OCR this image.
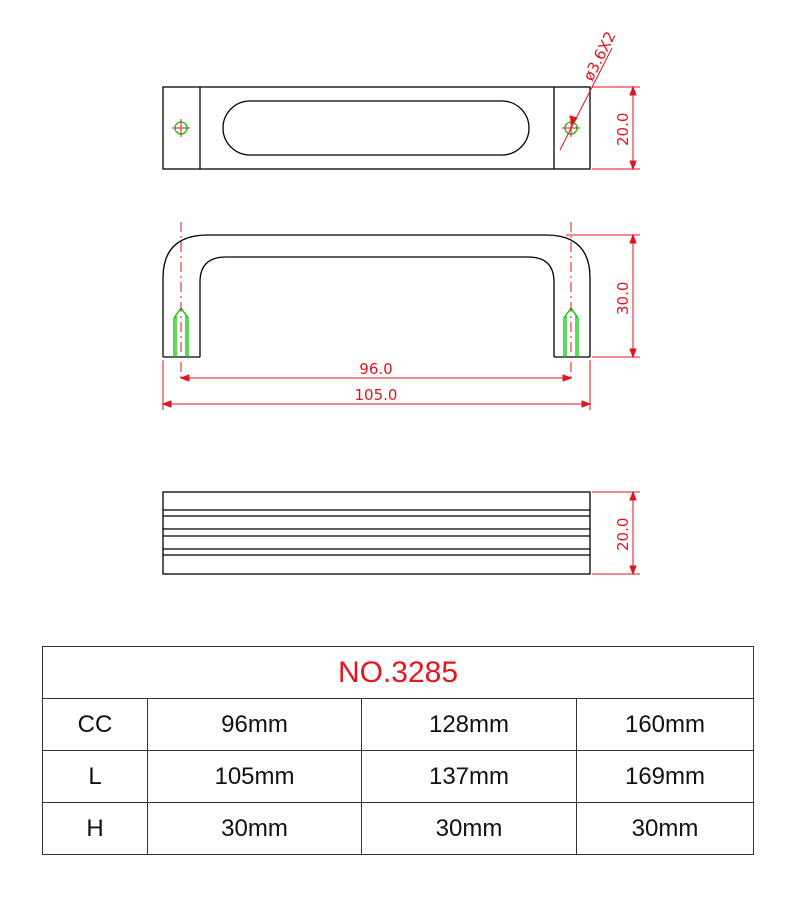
ø3.6X2
20.0
30.0
96.0
105.0
20.0
NO.3285			
CC	96mm	128mm	160mm
L	105mm	137mm	169mm
H	30mm	30mm	30mm
